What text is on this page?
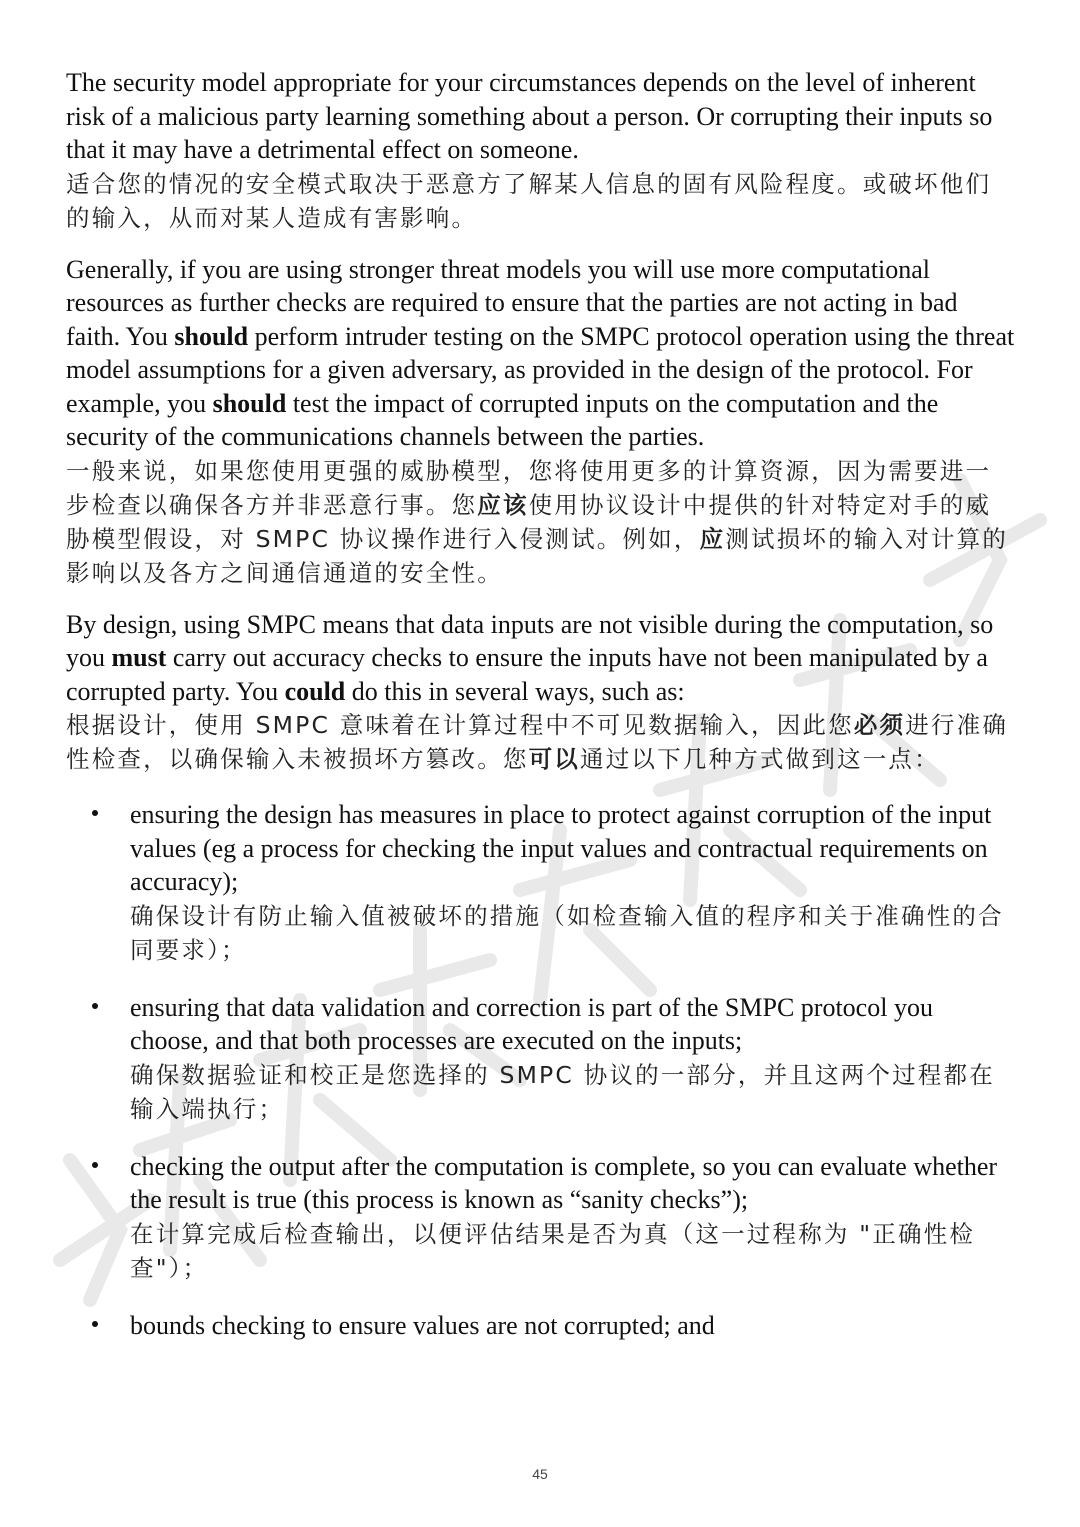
The security model appropriate for your circumstances depends on the level of inherent risk of a malicious party learning something about a person. Or corrupting their inputs so that it may have a detrimental effect on someone.

适合您的情况的安全模式取决于恶意方了解某人信息的固有风险程度。或破坏他们的输入，从而对某人造成有害影响。

Generally, if you are using stronger threat models you will use more computational resources as further checks are required to ensure that the parties are not acting in bad faith. You should perform intruder testing on the SMPC protocol operation using the threat model assumptions for a given adversary, as provided in the design of the protocol. For example, you should test the impact of corrupted inputs on the computation and the security of the communications channels between the parties.

一般来说，如果您使用更强的威胁模型，您将使用更多的计算资源，因为需要进一步检查以确保各方并非恶意行事。您应该使用协议设计中提供的针对特定对手的威胁模型假设，对 SMPC 协议操作进行入侵测试。例如，应测试损坏的输入对计算的影响以及各方之间通信通道的安全性。

By design, using SMPC means that data inputs are not visible during the computation, so you must carry out accuracy checks to ensure the inputs have not been manipulated by a corrupted party. You could do this in several ways, such as:

根据设计，使用 SMPC 意味着在计算过程中不可见数据输入，因此您必须进行准确性检查，以确保输入未被损坏方篡改。您可以通过以下几种方式做到这一点：

ensuring the design has measures in place to protect against corruption of the input values (eg a process for checking the input values and contractual requirements on accuracy);

确保设计有防止输入值被破坏的措施（如检查输入值的程序和关于准确性的合同要求）；

ensuring that data validation and correction is part of the SMPC protocol you choose, and that both processes are executed on the inputs;

确保数据验证和校正是您选择的 SMPC 协议的一部分，并且这两个过程都在输入端执行；

checking the output after the computation is complete, so you can evaluate whether the result is true (this process is known as “sanity checks”);

在计算完成后检查输出，以便评估结果是否为真（这一过程称为 "正确性检查"）；

bounds checking to ensure values are not corrupted; and

45
